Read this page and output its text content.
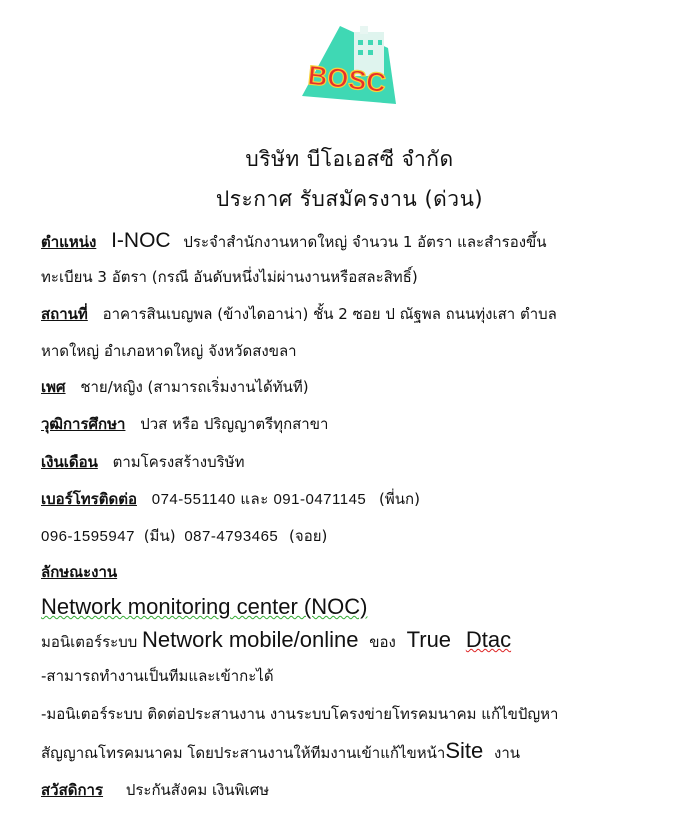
BOSC
บริษัท บีโอเอสซี จำกัด
ประกาศ รับสมัครงาน (ด่วน)
ตำแหน่ง I-NOC ประจำสำนักงานหาดใหญ่ จำนวน 1 อัตรา และสำรองขึ้น
ทะเบียน 3 อัตรา (กรณี อันดับหนึ่งไม่ผ่านงานหรือสละสิทธิ์)
สถานที่ อาคารสินเบญพล (ข้างไดอาน่า) ชั้น 2 ซอย ป ณัฐพล ถนนทุ่งเสา ตำบล
หาดใหญ่ อำเภอหาดใหญ่ จังหวัดสงขลา
เพศ ชาย/หญิง (สามารถเริ่มงานได้ทันที)
วุฒิการศึกษา ปวส หรือ ปริญญาตรีทุกสาขา
เงินเดือน ตามโครงสร้างบริษัท
เบอร์โทรติดต่อ 074-551140 และ 091-0471145 (พี่นก)
096-1595947 (มีน) 087-4793465 (จอย)
ลักษณะงาน
Network monitoring center (NOC)
มอนิเตอร์ระบบ Network mobile/online ของ True Dtac
-สามารถทำงานเป็นทีมและเข้ากะได้
-มอนิเตอร์ระบบ ติดต่อประสานงาน งานระบบโครงข่ายโทรคมนาคม แก้ไขปัญหา
สัญญาณโทรคมนาคม โดยประสานงานให้ทีมงานเข้าแก้ไขหน้าSite งาน
สวัสดิการ ประกันสังคม เงินพิเศษ
